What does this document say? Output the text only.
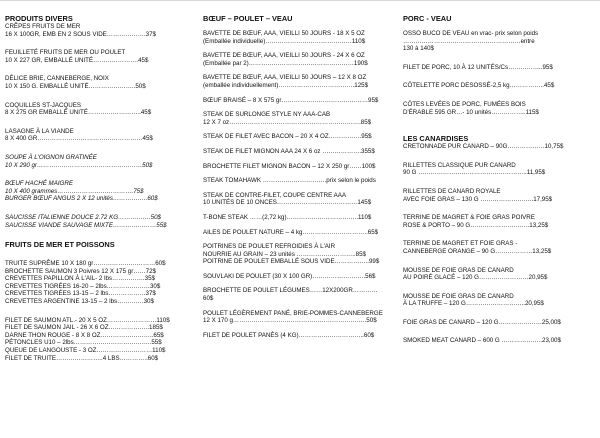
PRODUITS DIVERS
CRÊPES FRUITS DE MER
16 X 100GR, EMB EN 2 SOUS VIDE……………….37$
FEUILLETÉ FRUITS DE MER OU POULET
10 X 227 GR, EMBALLÉ UNITÉ………………….45$
DÉLICE BRIE, CANNEBERGE, NOIX
10 X 150 G. EMBALLÉ UNITÉ…………………..50$
COQUILLES ST-JACQUES
8 X 275 GR EMBALLÉ UNITÉ……………………..45$
LASAGNE À LA VIANDE
8 X 400 GR……………………………………………45$
SOUPE À L'OIGNON GRATINÉE
10 X 290 gr……………………………………………50$
BŒUF HACHÉ MAIGRE
10 X 400 grammes……………………………….75$
BURGER BŒUF ANGUS 2 X 12 unités……………..60$
SAUCISSE ITALIENNE DOUCE 2.72 KG…………….50$
SAUCISSE VIANDE SAUVAGE MIXTE…………………55$
FRUITS DE MER ET POISSONS
TRUITE SUPRÊME 10 X 180 gr…………………………60$
BROCHETTE SAUMON 3 Poivres 12 X 175 gr……72$
CREVETTES PAPILLON À L'AIL- 2 lbs…………….35$
CREVETTES TIGRÉES 16-20 – 2lbs…………………30$
CREVETTES TIGRÉES 13-15 – 2 lbs………………37$
CREVETTES ARGENTINE 13-15 – 2 lbs………….30$
FILET DE SAUMON ATL.- 20 X 5 OZ……………………110$
FILET DE SAUMON JAIL - 26 X 6 OZ………………..185$
DARNE THON ROUGE - 8 X 8 OZ……………………..65$
PÉTONCLES U10 – 2lbs………………………………..55$
QUEUE DE LANGOUSTE - 3 OZ………………………110$
FILET DE TRUITE…………………..4 LBS…………..60$
BŒUF – POULET – VEAU
BAVETTE DE BŒUF, AAA, VIEILLI 50 JOURS - 18 X 5 OZ
(Emballée individuelle)……………………………………110$
BAVETTE DE BŒUF, AAA, VIEILLI 50 JOURS - 24 X 6 OZ
(Emballée par 2)……………………………………………190$
BAVETTE DE BŒUF, AAA, VIEILLI 50 JOURS – 12 X 8 OZ
(emballée individuellement)……………………………….125$
BŒUF BRAISÉ – 8 X 575 gr……………………………………95$
STEAK DE SURLONGE STYLE NY AAA-CAB
12 X 7 oz……………………………………………………….85$
STEAK DE FILET AVEC BACON – 20 X 4 OZ…………….95$
STEAK DE FILET MIGNON AAA 24 X 6 oz ……………….355$
BROCHETTE FILET MIGNON BACON – 12 X 250 gr……100$
STEAK TOMAHAWK ………………………….prix selon le poids
STEAK DE CONTRE-FILET, COUPE CENTRE AAA
10 UNITÉS DE 10 ONCES…………………………………145$
T-BONE STEAK ……(2,72 kg)……………………………..110$
AILES DE POULET NATURE – 4 kg…………………………..65$
POITRINES DE POULET REFROIDIES À L'AIR
NOURRIE AU GRAIN – 23 unités ………………………..85$
POITRINE DE POULET EMBALLÉ SOUS VIDE……………..99$
SOUVLAKI DE POULET (30 X 100 GR)……………………..56$
BROCHETTE DE POULET LÉGUMES……12X200GR…………60$
POULET LÉGÈREMENT PANÉ, BRIE-POMMES-CANNEBERGE
12 X 170 g………………………………………………………..50$
FILET DE POULET PANÉS (4 KG)…………………………..60$
PORC - VEAU
OSSO BUCO DE VEAU en vrac- prix selon poids
…………………………………………………entre
130 à 140$
FILET DE PORC, 10 À 12 UNITÉS/Cs……………..95$
CÔTELETTE PORC DESOSSÉ-2,5 kg……………..45$
CÔTES LEVÉES DE PORC, FUMÉES BOIS
D'ÉRABLE 595 GR…- 10 unités……………..115$
LES CANARDISES
CRETONNADE PUR CANARD – 90G………………10,75$
RILLETTES CLASSIQUE PUR CANARD
90 G ……………………………………………..11,95$
RILLETTES DE CANARD ROYALE
AVEC FOIE GRAS – 130 G ……………………..17,95$
TERRINE DE MAGRET & FOIE GRAS POIVRE
ROSE & PORTO – 90 G………………………..13,25$
TERRINE DE MAGRET ET FOIE GRAS -
CANNEBERGE ORANGE – 90 G………………13,25$
MOUSSE DE FOIE GRAS DE CANARD
AU POIRÉ GLACÉ – 120 G……………………20,95$
MOUSSE DE FOIE GRAS DE CANARD
À LA TRUFFE – 120 G………………………..20,95$
FOIE GRAS DE CANARD – 120 G…………………25,00$
SMOKED MEAT CANARD – 600 G ………………..23,00$
